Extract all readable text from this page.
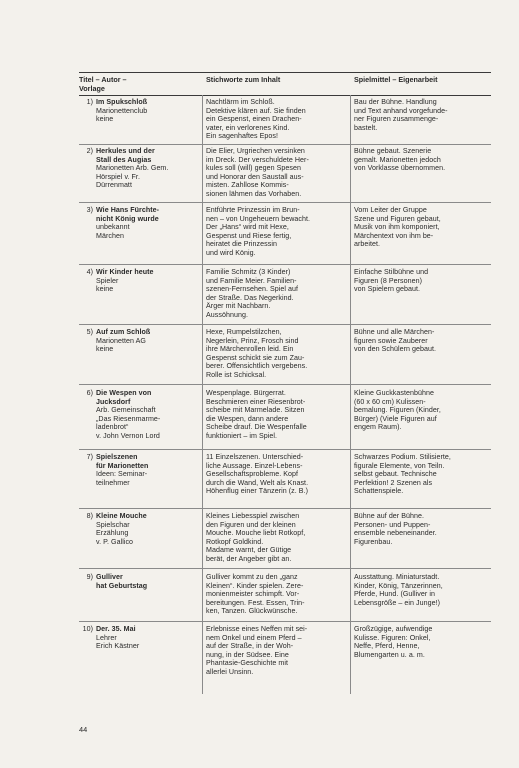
Titel – Autor –
Vorlage
Stichworte zum Inhalt	Spielmittel – Eigenarbeit
1) Im Spukschloß
Marionettenclub
keine
Nachtlärm im Schloß.
Detektive klären auf. Sie finden
ein Gespenst, einen Drachen-
vater, ein verlorenes Kind.
Ein sagenhaftes Epos!
Bau der Bühne. Handlung
und Text anhand vorgefunde-
ner Figuren zusammenge-
bastelt.
2) Herkules und der
Stall des Augias
Marionetten Arb. Gem.
Hörspiel v. Fr.
Dürrenmatt
Die Elier, Urgriechen versinken
im Dreck. Der verschuldete Her-
kules soll (will) gegen Spesen
und Honorar den Saustall aus-
misten. Zahllose Kommis-
sionen lähmen das Vorhaben.
Bühne gebaut. Szenerie
gemalt. Marionetten jedoch
von Vorklasse übernommen.
3) Wie Hans Fürchte-
nicht König wurde
unbekannt
Märchen
Entführte Prinzessin im Brun-
nen – von Ungeheuern bewacht.
Der „Hans“ wird mit Hexe,
Gespenst und Riese fertig,
heiratet die Prinzessin
und wird König.
Vom Leiter der Gruppe
Szene und Figuren gebaut,
Musik von ihm komponiert,
Märchentext von ihm be-
arbeitet.
4) Wir Kinder heute
Spieler
keine
Familie Schmitz (3 Kinder)
und Familie Meier. Familien-
szenen-Fernsehen. Spiel auf
der Straße. Das Negerkind.
Ärger mit Nachbarn.
Aussöhnung.
Einfache Stilbühne und
Figuren (8 Personen)
von Spielern gebaut.
5) Auf zum Schloß
Marionetten AG
keine
Hexe, Rumpelstilzchen,
Negerlein, Prinz, Frosch sind
ihre Märchenrollen leid. Ein
Gespenst schickt sie zum Zau-
berer. Offensichtlich vergebens.
Rolle ist Schicksal.
Bühne und alle Märchen-
figuren sowie Zauberer
von den Schülern gebaut.
6) Die Wespen von
Jucksdorf
Arb. Gemeinschaft
„Das Riesenmarme-
ladenbrot“
v. John Vernon Lord
Wespenplage. Bürgerrat.
Beschmieren einer Riesenbrot-
scheibe mit Marmelade. Sitzen
die Wespen, dann andere
Scheibe drauf. Die Wespenfalle
funktioniert – im Spiel.
Kleine Guckkastenbühne
(60 x 60 cm) Kulissen-
bemalung. Figuren (Kinder,
Bürger) (Viele Figuren auf
engem Raum).
7) Spielszenen
für Marionetten
Ideen: Seminar-
teilnehmer
11 Einzelszenen. Unterschied-
liche Aussage. Einzel-Lebens-
Gesellschaftsprobleme. Kopf
durch die Wand, Welt als Knast.
Höhenflug einer Tänzerin (z. B.)
Schwarzes Podium. Stilisierte,
figurale Elemente, von Teiln.
selbst gebaut. Technische
Perfektion! 2 Szenen als
Schattenspiele.
8) Kleine Mouche
Spielschar
Erzählung
v. P. Gallico
Kleines Liebesspiel zwischen
den Figuren und der kleinen
Mouche. Mouche liebt Rotkopf,
Rotkopf Goldkind.
Madame warnt, der Gütige
berät, der Angeber gibt an.
Bühne auf der Bühne.
Personen- und Puppen-
ensemble nebeneinander.
Figurenbau.
9) Gulliver
hat Geburtstag
Gulliver kommt zu den „ganz
Kleinen“. Kinder spielen. Zere-
monienmeister schimpft. Vor-
bereitungen. Fest. Essen, Trin-
ken, Tanzen. Glückwünsche.
Ausstattung. Miniaturstadt.
Kinder, König, Tänzerinnen,
Pferde, Hund. (Gulliver in
Lebensgröße – ein Junge!)
10) Der. 35. Mai
Lehrer
Erich Kästner
Erlebnisse eines Neffen mit sei-
nem Onkel und einem Pferd –
auf der Straße, in der Woh-
nung, in der Südsee. Eine
Phantasie-Geschichte mit
allerlei Unsinn.
Großzügige, aufwendige
Kulisse. Figuren: Onkel,
Neffe, Pferd, Henne,
Blumengarten u. a. m.
44
